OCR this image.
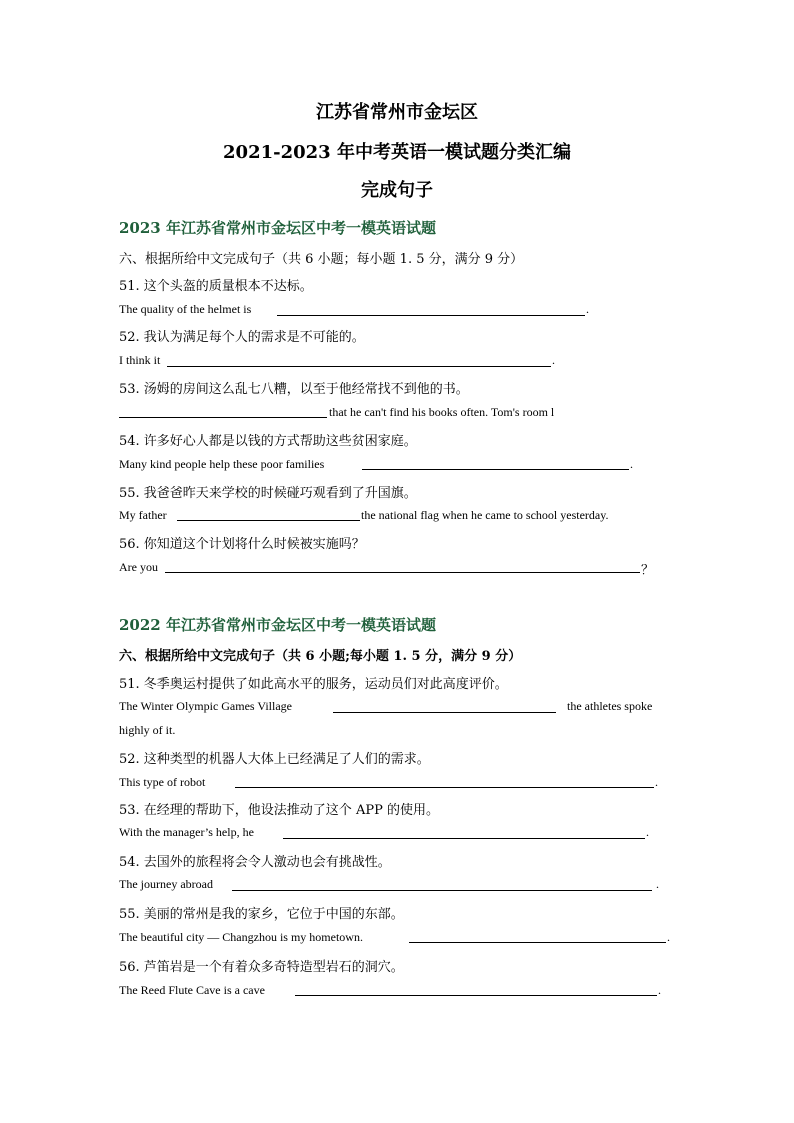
江苏省常州市金坛区
2021-2023 年中考英语一模试题分类汇编
完成句子
2023 年江苏省常州市金坛区中考一模英语试题
六、根据所给中文完成句子（共 6 小题；每小题 1. 5 分，满分 9 分）
51. 这个头盔的质量根本不达标。
The quality of the helmet is	.
52. 我认为满足每个人的需求是不可能的。
I think it	.
53. 汤姆的房间这么乱七八糟，以至于他经常找不到他的书。
that he can't find his books often. Tom's room l
54. 许多好心人都是以钱的方式帮助这些贫困家庭。
Many kind people help these poor families	.
55. 我爸爸昨天来学校的时候碰巧观看到了升国旗。
My father	the national flag when he came to school yesterday.
56. 你知道这个计划将什么时候被实施吗？
Are you	？
2022 年江苏省常州市金坛区中考一模英语试题
六、根据所给中文完成句子（共 6 小题;每小题 1. 5 分，满分 9 分）
51. 冬季奥运村提供了如此高水平的服务，运动员们对此高度评价。
The Winter Olympic Games Village	the athletes spoke
highly of it.
52. 这种类型的机器人大体上已经满足了人们的需求。
This type of robot	.
53. 在经理的帮助下，他设法推动了这个 APP 的使用。
With the manager’s help, he	.
54. 去国外的旅程将会令人激动也会有挑战性。
The journey abroad	.
55. 美丽的常州是我的家乡，它位于中国的东部。
The beautiful city — Changzhou is my hometown.	.
56. 芦笛岩是一个有着众多奇特造型岩石的洞穴。
The Reed Flute Cave is a cave	.
